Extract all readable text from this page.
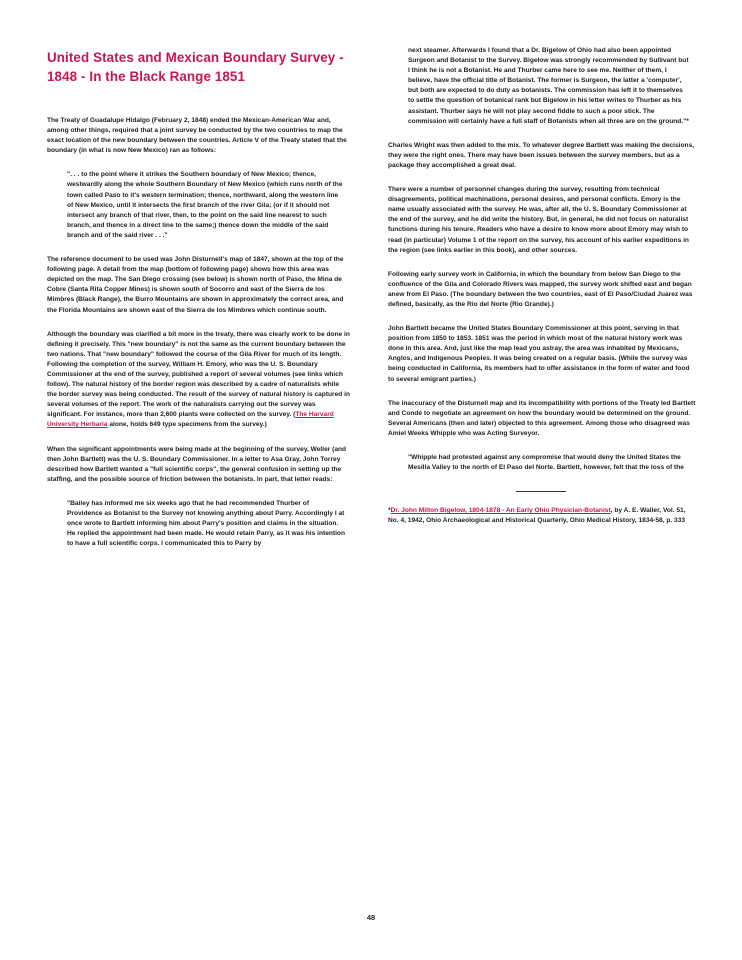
United States and Mexican Boundary Survey - 1848 - In the Black Range 1851

The Treaty of Guadalupe Hidalgo (February 2, 1848) ended the Mexican-American War and, among other things, required that a joint survey be conducted by the two countries to map the exact location of the new boundary between the countries. Article V of the Treaty stated that the boundary (in what is now New Mexico) ran as follows:

". . . to the point where it strikes the Southern boundary of New Mexico; thence, westwardly along the whole Southern Boundary of New Mexico (which runs north of the town called Paso to it's western termination; thence, northward, along the western line of New Mexico, until it intersects the first branch of the river Gila; (or if it should not intersect any branch of that river, then, to the point on the said line nearest to such branch, and thence in a direct line to the same;) thence down the middle of the said branch and of the said river . . ."

The reference document to be used was John Disturnell's map of 1847, shown at the top of the following page. A detail from the map (bottom of following page) shows how this area was depicted on the map. The San Diego crossing (see below) is shown north of Paso, the Mina de Cobre (Santa Rita Copper Mines) is shown south of Socorro and east of the Sierra de los Mimbres (Black Range), the Burro Mountains are shown in approximately the correct area, and the Florida Mountains are shown east of the Sierra de los Mimbres which continue south.

Although the boundary was clarified a bit more in the treaty, there was clearly work to be done in defining it precisely. This "new boundary" is not the same as the current boundary between the two nations. That "new boundary" followed the course of the Gila River for much of its length. Following the completion of the survey, William H. Emory, who was the U. S. Boundary Commissioner at the end of the survey, published a report of several volumes (see links which follow). The natural history of the border region was described by a cadre of naturalists while the border survey was being conducted. The result of the survey of natural history is captured in several volumes of the report. The work of the naturalists carrying out the survey was significant. For instance, more than 2,600 plants were collected on the survey. (The Harvard University Herbaria alone, holds 649 type specimens from the survey.)

When the significant appointments were being made at the beginning of the survey, Weller (and then John Bartlett) was the U. S. Boundary Commissioner. In a letter to Asa Gray, John Torrey described how Bartlett wanted a "full scientific corps", the general confusion in setting up the staffing, and the possible source of friction between the botanists. In part, that letter reads:

"Bailey has informed me six weeks ago that he had recommended Thurber of Providence as Botanist to the Survey not knowing anything about Parry. Accordingly I at once wrote to Bartlett informing him about Parry's position and claims in the situation. He replied the appointment had been made. He would retain Parry, as it was his intention to have a full scientific corps. I communicated this to Parry by

next steamer. Afterwards I found that a Dr. Bigelow of Ohio had also been appointed Surgeon and Botanist to the Survey. Bigelow was strongly recommended by Sullivant but I think he is not a Botanist. He and Thurber came here to see me. Neither of them, I believe, have the official title of Botanist. The former is Surgeon, the latter a 'computer', but both are expected to do duty as botanists. The commission has left it to themselves to settle the question of botanical rank but Bigelow in his letter writes to Thurber as his assistant. Thurber says he will not play second fiddle to such a poor stick. The commission will certainly have a full staff of Botanists when all three are on the ground."*

Charles Wright was then added to the mix. To whatever degree Bartlett was making the decisions, they were the right ones. There may have been issues between the survey members, but as a package they accomplished a great deal.

There were a number of personnel changes during the survey, resulting from technical disagreements, political machinations, personal desires, and personal conflicts. Emory is the name usually associated with the survey. He was, after all, the U. S. Boundary Commissioner at the end of the survey, and he did write the history. But, in general, he did not focus on naturalist functions during his tenure. Readers who have a desire to know more about Emory may wish to read (in particular) Volume 1 of the report on the survey, his account of his earlier expeditions in the region (see links earlier in this book), and other sources.

Following early survey work in California, in which the boundary from below San Diego to the confluence of the Gila and Colorado Rivers was mapped, the survey work shifted east and began anew from El Paso. (The boundary between the two countries, east of El Paso/Ciudad Juárez was defined, basically, as the Rio del Norte (Rio Grande).)

John Bartlett became the United States Boundary Commissioner at this point, serving in that position from 1850 to 1853. 1851 was the period in which most of the natural history work was done in this area. And, just like the map lead you astray, the area was inhabited by Mexicans, Anglos, and Indigenous Peoples. It was being created on a regular basis. (While the survey was being conducted in California, its members had to offer assistance in the form of water and food to several emigrant parties.)

The inaccuracy of the Disturnell map and its incompatibility with portions of the Treaty led Bartlett and Condé to negotiate an agreement on how the boundary would be determined on the ground. Several Americans (then and later) objected to this agreement. Among those who disagreed was Amiel Weeks Whipple who was Acting Surveyor.

"Whipple had protested against any compromise that would deny the United States the Mesilla Valley to the north of El Paso del Norte. Bartlett, however, felt that the loss of the

*Dr. John Milton Bigelow, 1804-1878 - An Early Ohio Physician-Botanist, by A. E. Waller, Vol. 51, No. 4, 1942, Ohio Archaeological and Historical Quarterly, Ohio Medical History, 1834-58, p. 333

48
